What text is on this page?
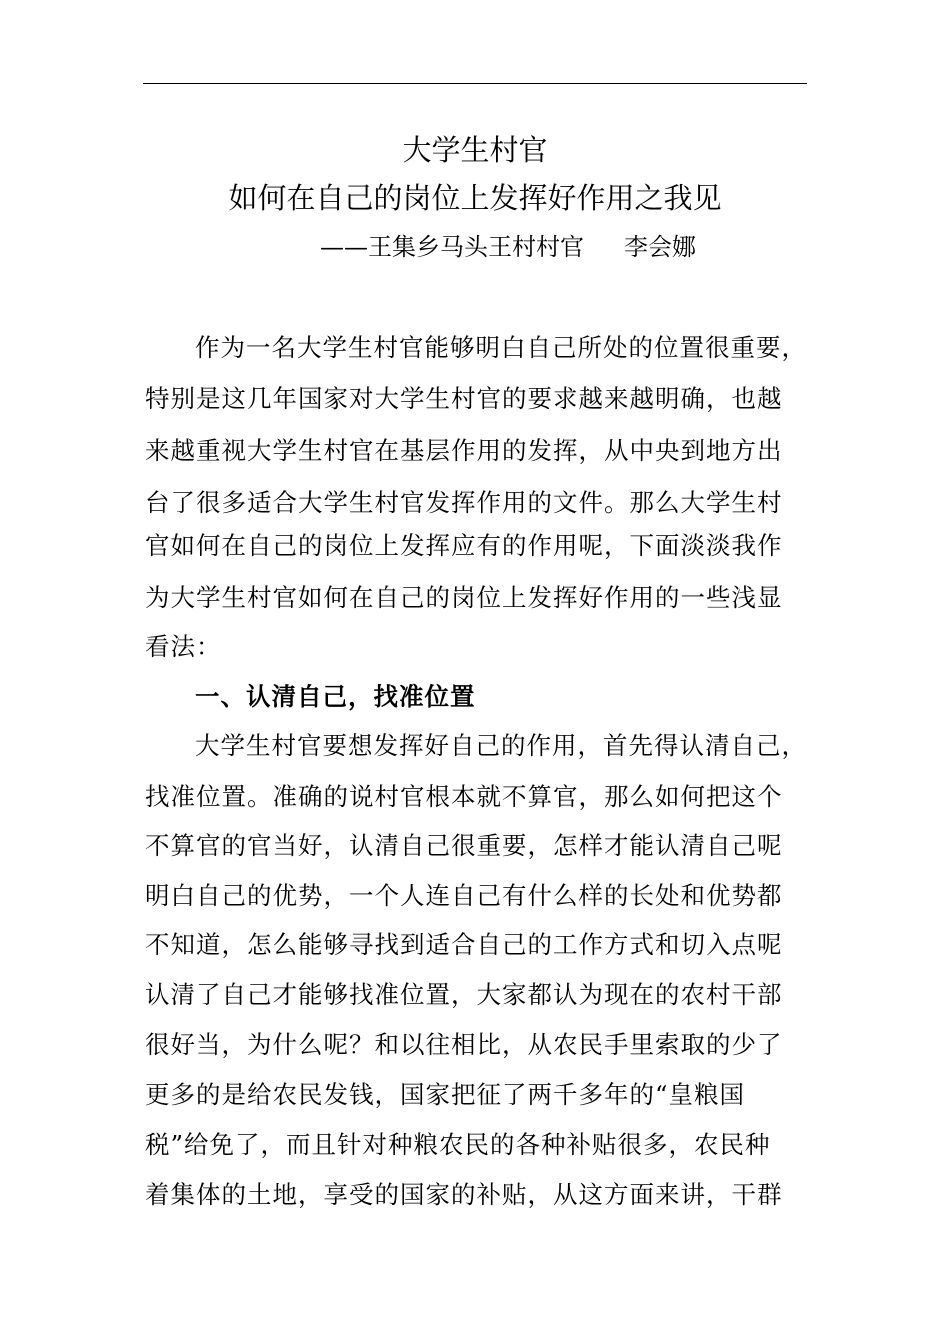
大学生村官
如何在自己的岗位上发挥好作用之我见
——王集乡马头王村村官 李会娜
作为一名大学生村官能够明白自己所处的位置很重要，
特别是这几年国家对大学生村官的要求越来越明确，也越
来越重视大学生村官在基层作用的发挥，从中央到地方出
台了很多适合大学生村官发挥作用的文件。那么大学生村
官如何在自己的岗位上发挥应有的作用呢，下面淡淡我作
为大学生村官如何在自己的岗位上发挥好作用的一些浅显
看法：
一、认清自己，找准位置
大学生村官要想发挥好自己的作用，首先得认清自己，
找准位置。准确的说村官根本就不算官，那么如何把这个
不算官的官当好，认清自己很重要，怎样才能认清自己呢
明白自己的优势，一个人连自己有什么样的长处和优势都
不知道，怎么能够寻找到适合自己的工作方式和切入点呢
认清了自己才能够找准位置，大家都认为现在的农村干部
很好当，为什么呢？和以往相比，从农民手里索取的少了
更多的是给农民发钱，国家把征了两千多年的“皇粮国
税”给免了，而且针对种粮农民的各种补贴很多，农民种
着集体的土地，享受的国家的补贴，从这方面来讲，干群
